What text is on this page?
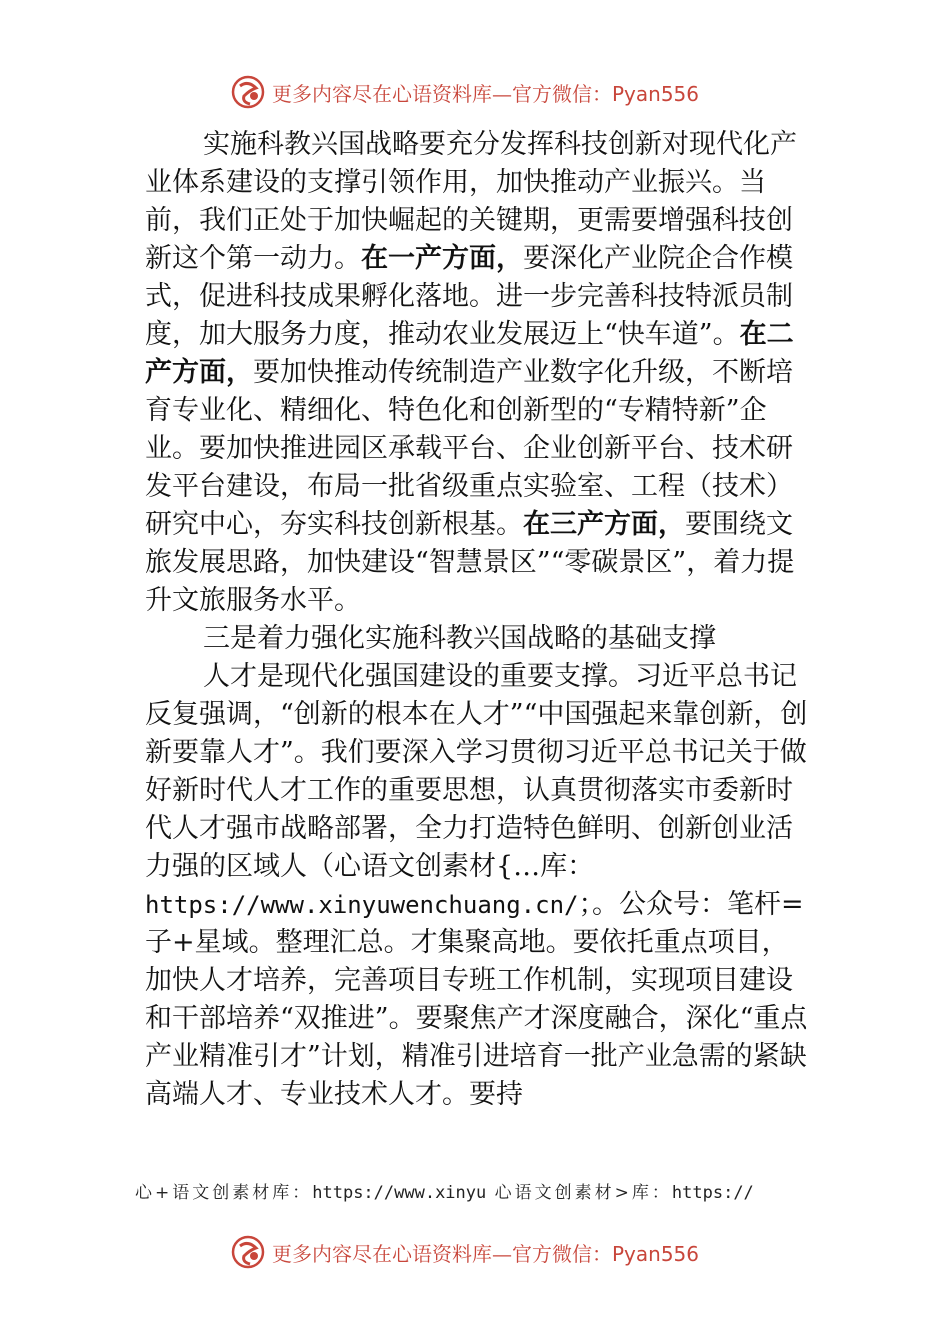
更多内容尽在心语资料库—官方微信：Pyan556

实施科教兴国战略要充分发挥科技创新对现代化产业体系建设的支撑引领作用，加快推动产业振兴。当前，我们正处于加快崛起的关键期，更需要增强科技创新这个第一动力。在一产方面，要深化产业院企合作模式，促进科技成果孵化落地。进一步完善科技特派员制度，加大服务力度，推动农业发展迈上“快车道”。在二产方面，要加快推动传统制造产业数字化升级，不断培育专业化、精细化、特色化和创新型的“专精特新”企业。要加快推进园区承载平台、企业创新平台、技术研发平台建设，布局一批省级重点实验室、工程（技术）研究中心，夯实科技创新根基。在三产方面，要围绕文旅发展思路，加快建设“智慧景区”“零碳景区”，着力提升文旅服务水平。

三是着力强化实施科教兴国战略的基础支撑

人才是现代化强国建设的重要支撑。习近平总书记反复强调，“创新的根本在人才”“中国强起来靠创新，创新要靠人才”。我们要深入学习贯彻习近平总书记关于做好新时代人才工作的重要思想，认真贯彻落实市委新时代人才强市战略部署，全力打造特色鲜明、创新创业活力强的区域人（心语文创素材{…库：https://www.xinyuwenchuang.cn/；。公众号：笔杆=子+星域。整理汇总。才集聚高地。要依托重点项目，加快人才培养，完善项目专班工作机制，实现项目建设和干部培养“双推进”。要聚焦产才深度融合，深化“重点产业精准引才”计划，精准引进培育一批产业急需的紧缺高端人才、专业技术人才。要持

心+语文创素材库：https://www.xinyu 心语文创素材>库：https://
更多内容尽在心语资料库—官方微信：Pyan556
